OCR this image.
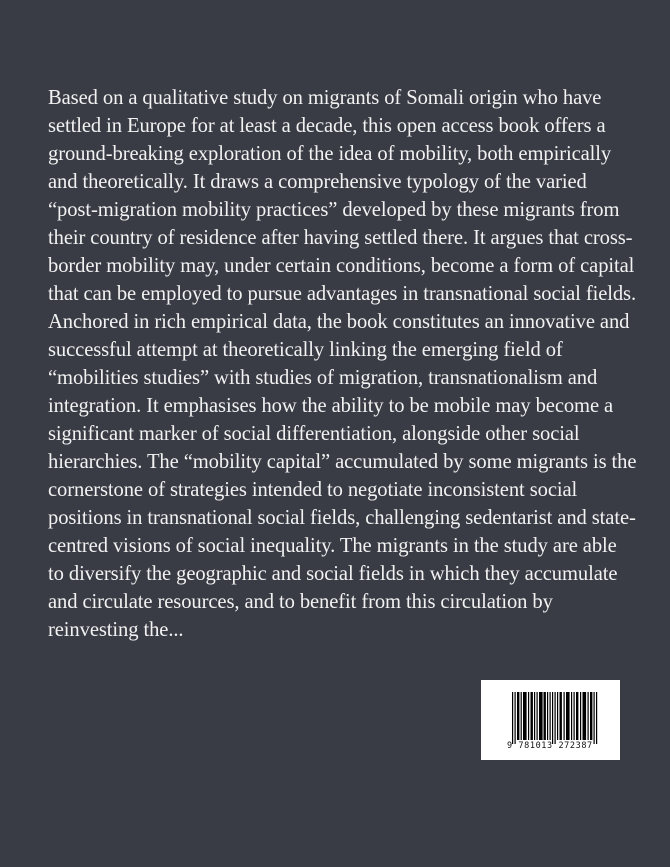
Based on a qualitative study on migrants of Somali origin who have
settled in Europe for at least a decade, this open access book offers a
ground-breaking exploration of the idea of mobility, both empirically
and theoretically. It draws a comprehensive typology of the varied
“post-migration mobility practices” developed by these migrants from
their country of residence after having settled there. It argues that cross-
border mobility may, under certain conditions, become a form of capital
that can be employed to pursue advantages in transnational social fields.
Anchored in rich empirical data, the book constitutes an innovative and
successful attempt at theoretically linking the emerging field of
“mobilities studies” with studies of migration, transnationalism and
integration. It emphasises how the ability to be mobile may become a
significant marker of social differentiation, alongside other social
hierarchies. The “mobility capital” accumulated by some migrants is the
cornerstone of strategies intended to negotiate inconsistent social
positions in transnational social fields, challenging sedentarist and state-
centred visions of social inequality. The migrants in the study are able
to diversify the geographic and social fields in which they accumulate
and circulate resources, and to benefit from this circulation by
reinvesting the...

9 781013 272387
